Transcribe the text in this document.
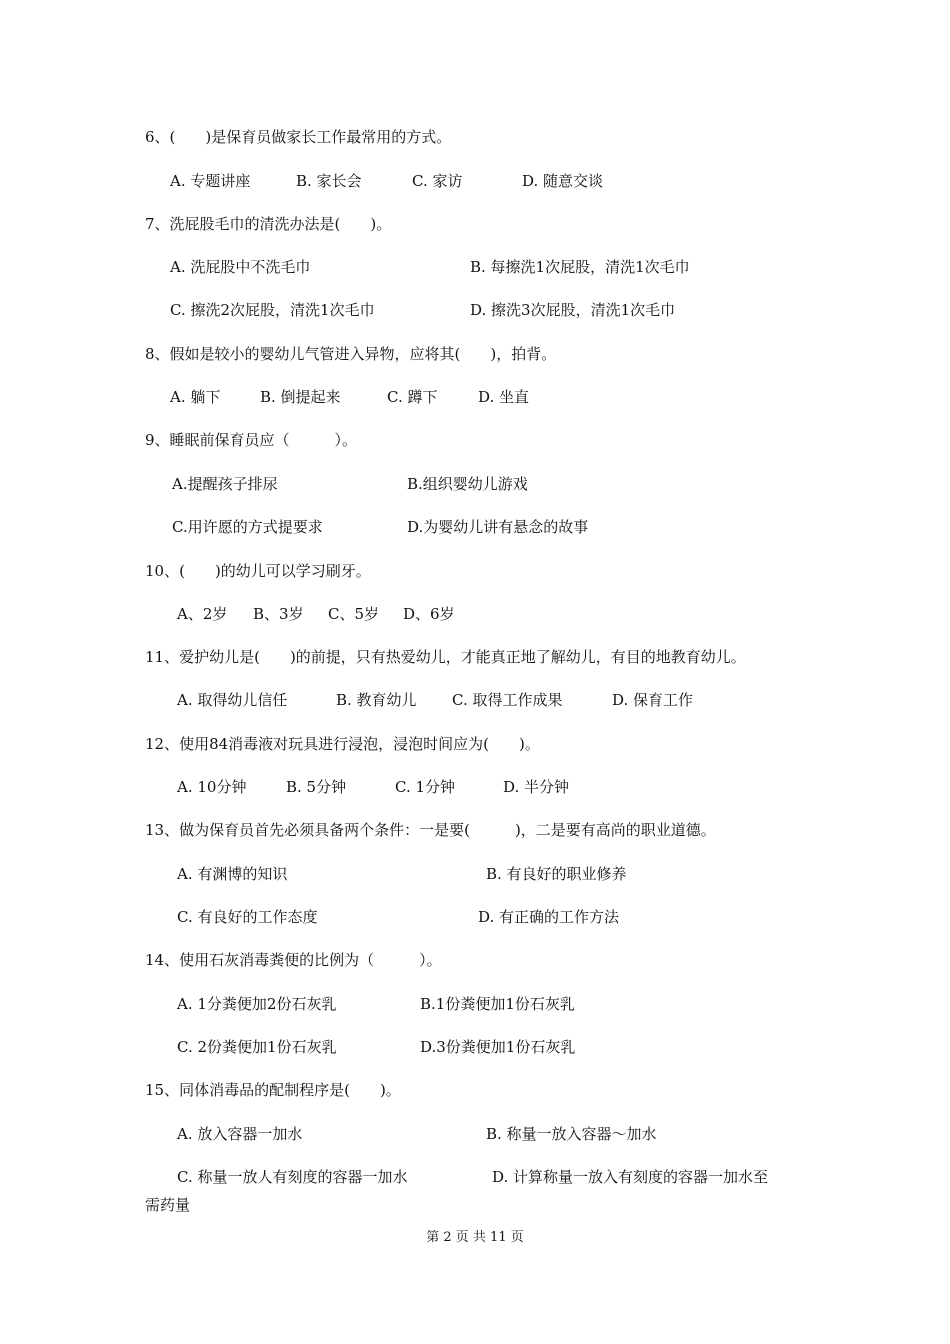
6、(　　)是保育员做家长工作最常用的方式。
A. 专题讲座	B. 家长会	C. 家访	D. 随意交谈
7、洗屁股毛巾的清洗办法是(　　)。
A. 洗屁股中不洗毛巾	B. 每擦洗1次屁股，清洗1次毛巾
C. 擦洗2次屁股，清洗1次毛巾	D. 擦洗3次屁股，清洗1次毛巾
8、假如是较小的婴幼儿气管进入异物，应将其(　　)，拍背。
A. 躺下	B. 倒提起来	C. 蹲下	D. 坐直
9、睡眠前保育员应（　　　）。
A.提醒孩子排尿	B.组织婴幼儿游戏
C.用许愿的方式提要求	D.为婴幼儿讲有悬念的故事
10、(　　)的幼儿可以学习刷牙。
A、2岁 B、3岁 C、5岁 D、6岁
11、爱护幼儿是(　　)的前提，只有热爱幼儿，才能真正地了解幼儿，有目的地教育幼儿。
A. 取得幼儿信任	B. 教育幼儿 C. 取得工作成果	D. 保育工作
12、使用84消毒液对玩具进行浸泡，浸泡时间应为(　　)。
A. 10分钟	B. 5分钟	C. 1分钟	D. 半分钟
13、做为保育员首先必须具备两个条件：一是要(　　　)，二是要有高尚的职业道德。
A. 有渊博的知识	B. 有良好的职业修养
C. 有良好的工作态度	D. 有正确的工作方法
14、使用石灰消毒粪便的比例为（　　　）。
A. 1分粪便加2份石灰乳	B.1份粪便加1份石灰乳
C. 2份粪便加1份石灰乳	D.3份粪便加1份石灰乳
15、同体消毒品的配制程序是(　　)。
A. 放入容器一加水	B. 称量一放入容器～加水
C. 称量一放人有刻度的容器一加水	D. 计算称量一放入有刻度的容器一加水至
需药量
第 2 页 共 11 页
